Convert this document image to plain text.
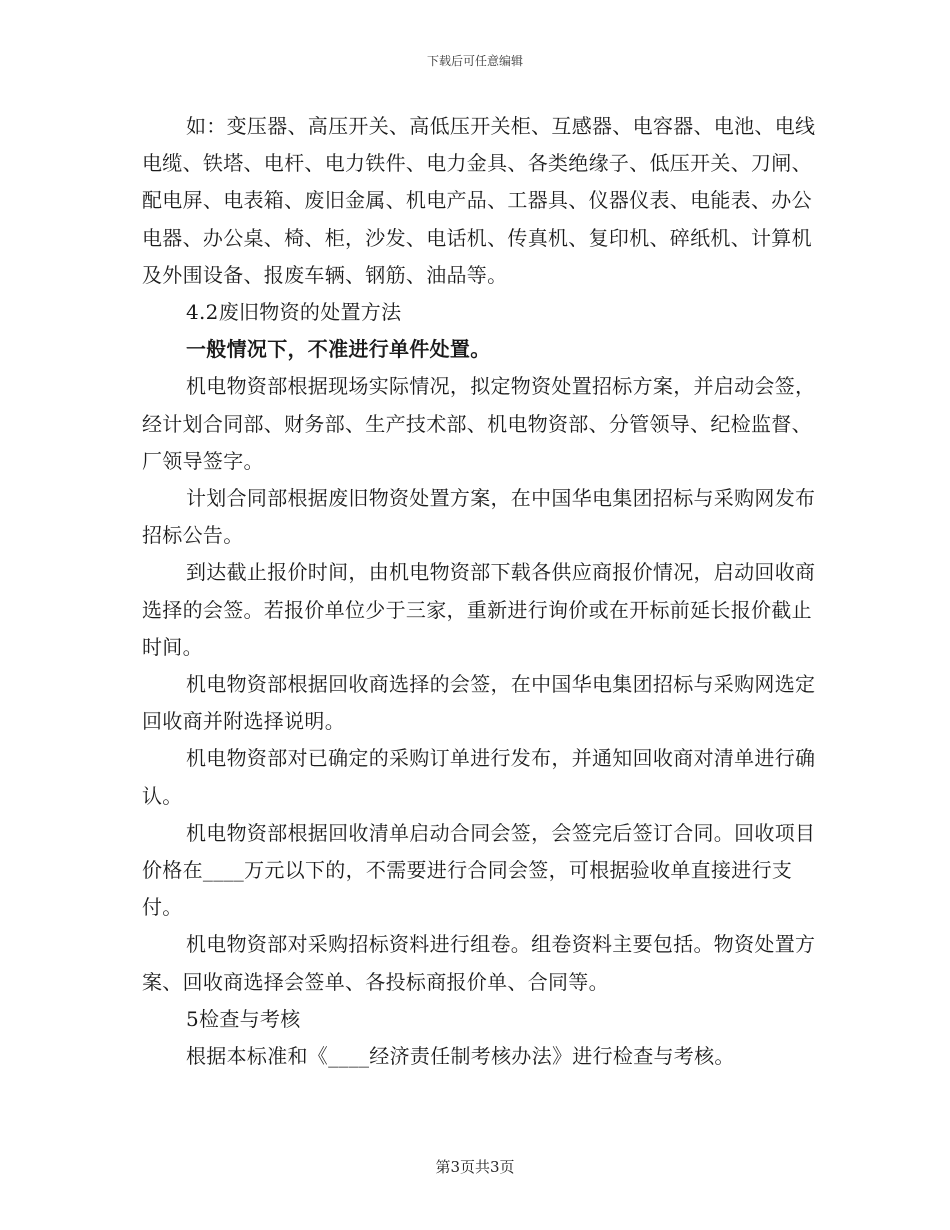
下载后可任意编辑

如：变压器、高压开关、高低压开关柜、互感器、电容器、电池、电线电缆、铁塔、电杆、电力铁件、电力金具、各类绝缘子、低压开关、刀闸、配电屏、电表箱、废旧金属、机电产品、工器具、仪器仪表、电能表、办公电器、办公桌、椅、柜，沙发、电话机、传真机、复印机、碎纸机、计算机及外围设备、报废车辆、钢筋、油品等。

4.2废旧物资的处置方法

一般情况下，不准进行单件处置。

机电物资部根据现场实际情况，拟定物资处置招标方案，并启动会签，经计划合同部、财务部、生产技术部、机电物资部、分管领导、纪检监督、厂领导签字。

计划合同部根据废旧物资处置方案，在中国华电集团招标与采购网发布招标公告。

到达截止报价时间，由机电物资部下载各供应商报价情况，启动回收商选择的会签。若报价单位少于三家，重新进行询价或在开标前延长报价截止时间。

机电物资部根据回收商选择的会签，在中国华电集团招标与采购网选定回收商并附选择说明。

机电物资部对已确定的采购订单进行发布，并通知回收商对清单进行确认。

机电物资部根据回收清单启动合同会签，会签完后签订合同。回收项目价格在____万元以下的，不需要进行合同会签，可根据验收单直接进行支付。

机电物资部对采购招标资料进行组卷。组卷资料主要包括。物资处置方案、回收商选择会签单、各投标商报价单、合同等。

5检查与考核

根据本标准和《____经济责任制考核办法》进行检查与考核。

第3页共3页
